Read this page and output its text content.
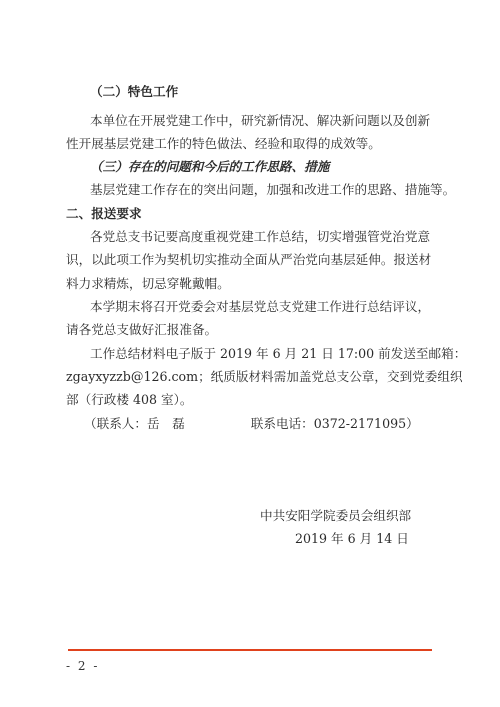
（二）特色工作
本单位在开展党建工作中，研究新情况、解决新问题以及创新
性开展基层党建工作的特色做法、经验和取得的成效等。
（三）存在的问题和今后的工作思路、措施
基层党建工作存在的突出问题，加强和改进工作的思路、措施等。
二、报送要求
各党总支书记要高度重视党建工作总结，切实增强管党治党意
识，以此项工作为契机切实推动全面从严治党向基层延伸。报送材
料力求精炼，切忌穿靴戴帽。
本学期末将召开党委会对基层党总支党建工作进行总结评议，
请各党总支做好汇报准备。
工作总结材料电子版于 2019 年 6 月 21 日 17:00 前发送至邮箱：
zgayxyzzb@126.com；纸质版材料需加盖党总支公章，交到党委组织
部（行政楼 408 室）。
（联系人：岳　磊	联系电话：0372-2171095）
中共安阳学院委员会组织部
2019 年 6 月 14 日
- 2 -
